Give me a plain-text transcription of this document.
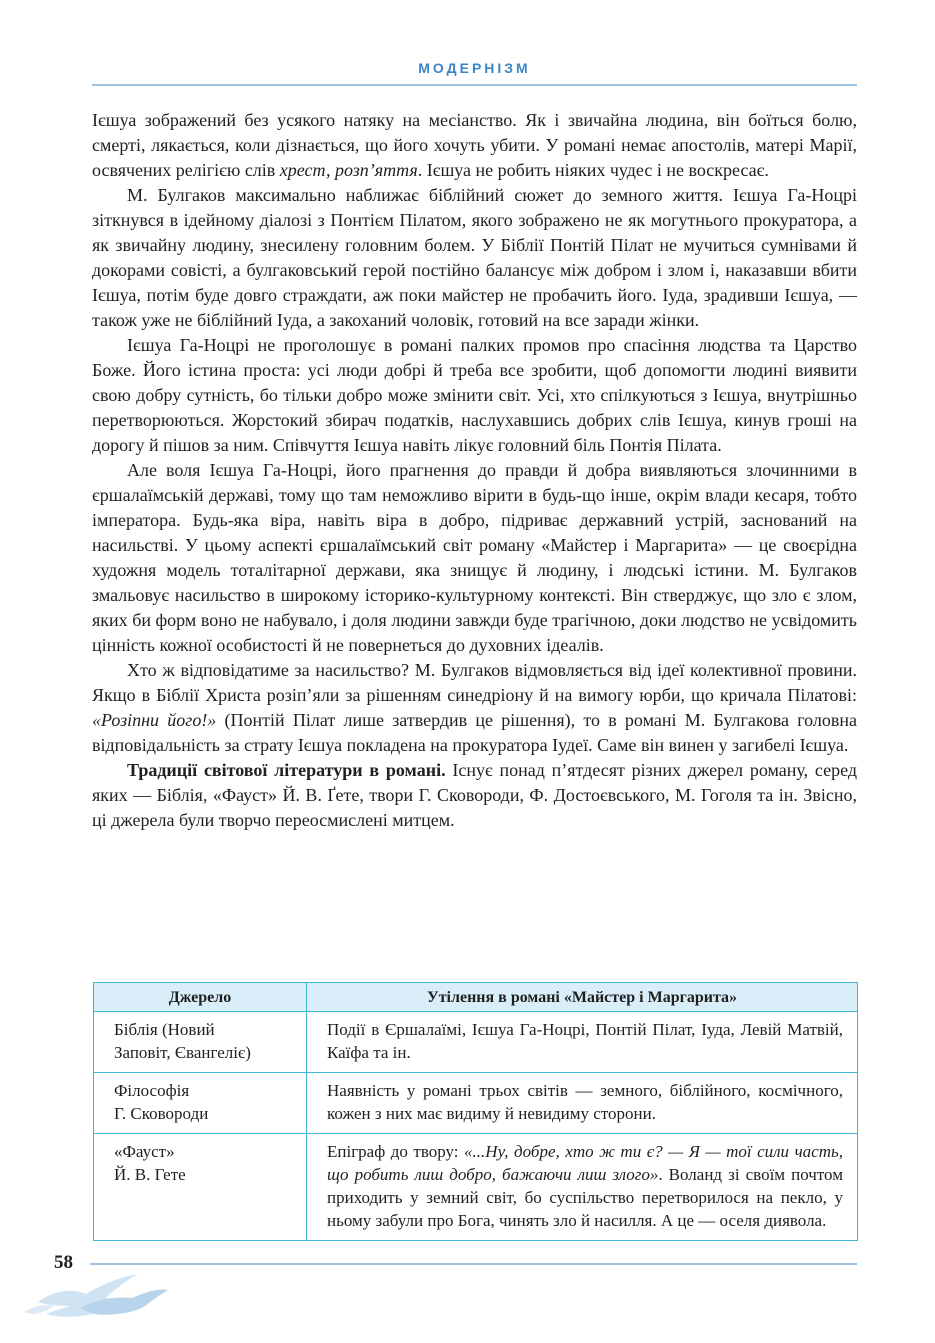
МОДЕРНІЗМ

Ієшуа зображений без усякого натяку на месіанство. Як і звичайна людина, він боїться болю, смерті, лякається, коли дізнається, що його хочуть убити. У романі немає апостолів, матері Марії, освячених релігією слів хрест, розп’яття. Ієшуа не робить ніяких чудес і не воскресає.

М. Булгаков максимально наближає біблійний сюжет до земного життя. Ієшуа Га-Ноцрі зіткнувся в ідейному діалозі з Понтієм Пілатом, якого зображено не як могутнього прокуратора, а як звичайну людину, знесилену головним болем. У Біблії Понтій Пілат не мучиться сумнівами й докорами совісті, а булгаковський герой постійно балансує між добром і злом і, наказавши вбити Ієшуа, потім буде довго страждати, аж поки майстер не пробачить його. Іуда, зрадивши Ієшуа, — також уже не біблійний Іуда, а закоханий чоловік, готовий на все заради жінки.

Ієшуа Га-Ноцрі не проголошує в романі палких промов про спасіння людства та Царство Боже. Його істина проста: усі люди добрі й треба все зробити, щоб допомогти людині виявити свою добру сутність, бо тільки добро може змінити світ. Усі, хто спілкуються з Ієшуа, внутрішньо перетворюються. Жорстокий збирач податків, наслухавшись добрих слів Ієшуа, кинув гроші на дорогу й пішов за ним. Співчуття Ієшуа навіть лікує головний біль Понтія Пілата.

Але воля Ієшуа Га-Ноцрі, його прагнення до правди й добра виявляються злочинними в єршалаїмській державі, тому що там неможливо вірити в будь-що інше, окрім влади кесаря, тобто імператора. Будь-яка віра, навіть віра в добро, підриває державний устрій, заснований на насильстві. У цьому аспекті єршалаїмський світ роману «Майстер і Маргарита» — це своєрідна художня модель тоталітарної держави, яка знищує й людину, і людські істини. М. Булгаков змальовує насильство в широкому історико-культурному контексті. Він стверджує, що зло є злом, яких би форм воно не набувало, і доля людини завжди буде трагічною, доки людство не усвідомить цінність кожної особистості й не повернеться до духовних ідеалів.

Хто ж відповідатиме за насильство? М. Булгаков відмовляється від ідеї колективної провини. Якщо в Біблії Христа розіп’яли за рішенням синедріону й на вимогу юрби, що кричала Пілатові: «Розіпни його!» (Понтій Пілат лише затвердив це рішення), то в романі М. Булгакова головна відповідальність за страту Ієшуа покладена на прокуратора Іудеї. Саме він винен у загибелі Ієшуа.

Традиції світової літератури в романі. Існує понад п’ятдесят різних джерел роману, серед яких — Біблія, «Фауст» Й. В. Ґете, твори Г. Сковороди, Ф. Достоєвського, М. Гоголя та ін. Звісно, ці джерела були творчо переосмислені митцем.

Джерело	Утілення в романі «Майстер і Маргарита»

Біблія (Новий
Заповіт, Євангеліє)	Події в Єршалаїмі, Ієшуа Га-Ноцрі, Понтій Пілат, Іуда, Левій Матвій, Каїфа та ін.

Філософія
Г. Сковороди	Наявність у романі трьох світів — земного, біблійного, космічного, кожен з них має видиму й невидиму сторони.

«Фауст»
Й. В. Гете	Епіграф до твору: «...Ну, добре, хто ж ти є? — Я — тої сили часть, що робить лиш добро, бажаючи лиш злого». Воланд зі своїм почтом приходить у земний світ, бо суспільство перетворилося на пекло, у ньому забули про Бога, чинять зло й насилля. А це — оселя диявола.
58
